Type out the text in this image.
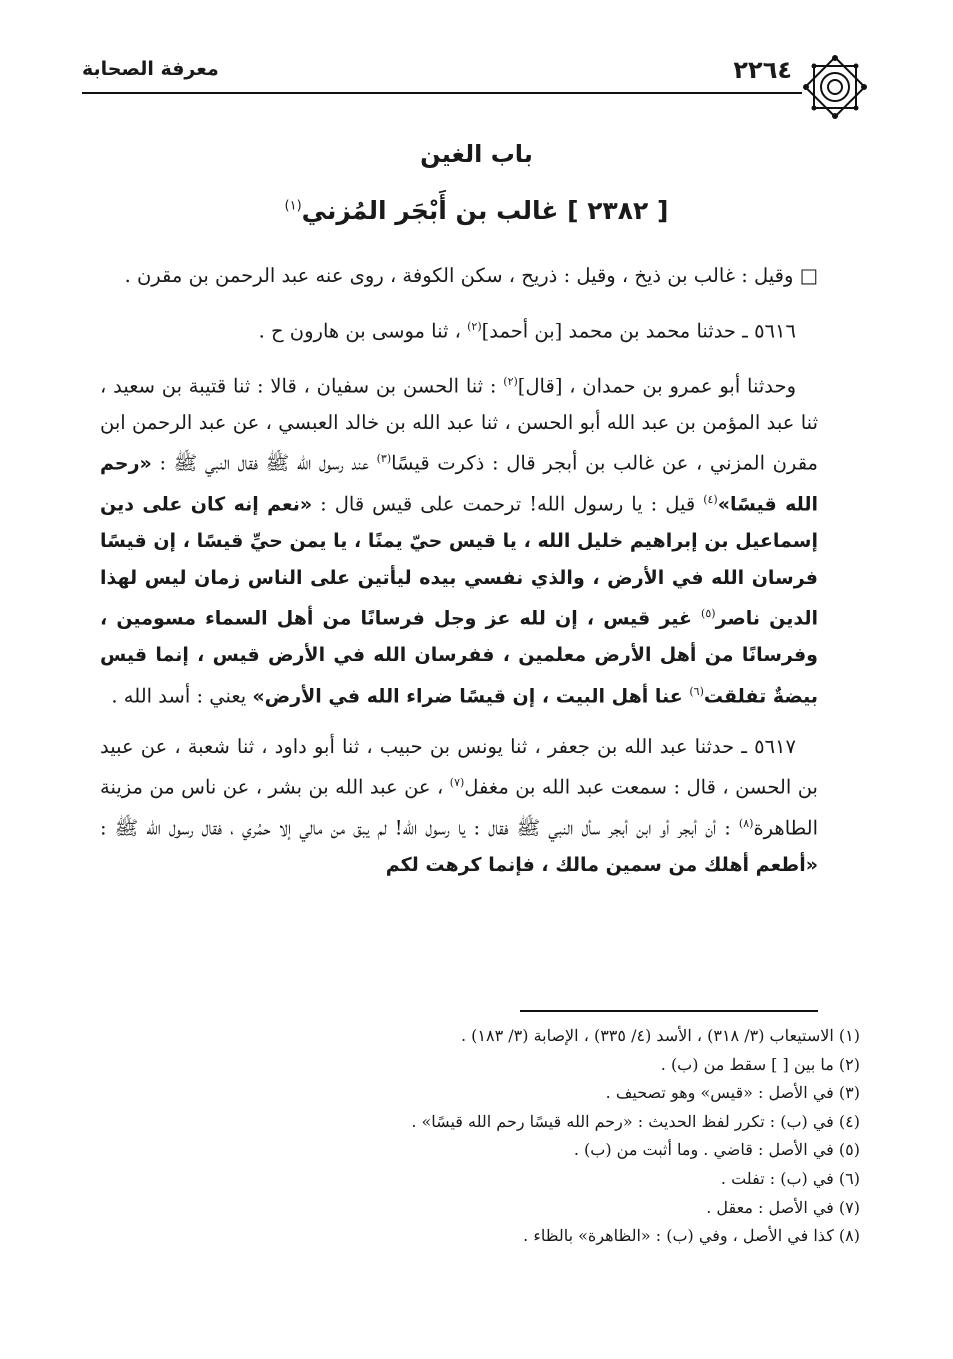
٢٢٦٤
معرفة الصحابة
باب الغين
[ ٢٣٨٢ ] غالب بن أَبْجَر المُزني$^{(١)}$

□ وقيل : غالب بن ذيخ ، وقيل : ذريح ، سكن الكوفة ، روى عنه عبد الرحمن بن مقرن .

٥٦١٦ ـ حدثنا محمد بن محمد [بن أحمد]$^{(٢)}$ ، ثنا موسى بن هارون ح .

وحدثنا أبو عمرو بن حمدان ، [قال]$^{(٢)}$ : ثنا الحسن بن سفيان ، قالا : ثنا قتيبة بن سعيد ، ثنا عبد المؤمن بن عبد الله أبو الحسن ، ثنا عبد الله بن خالد العبسي ، عن عبد الرحمن ابن مقرن المزني ، عن غالب بن أبجر قال : ذكرت قيسًا$^{(٣)}$ عند رسول الله ﷺ فقال النبي ﷺ : «رحم الله قيسًا»$^{(٤)}$ قيل : يا رسول الله! ترحمت على قيس قال : «نعم إنه كان على دين إسماعيل بن إبراهيم خليل الله ، يا قيس حيّ يمنًا ، يا يمن حيِّ قيسًا ، إن قيسًا فرسان الله في الأرض ، والذي نفسي بيده ليأتين على الناس زمان ليس لهذا الدين ناصر$^{(٥)}$ غير قيس ، إن لله عز وجل فرسانًا من أهل السماء مسومين ، وفرسانًا من أهل الأرض معلمين ، ففرسان الله في الأرض قيس ، إنما قيس بيضةٌ تفلقت$^{(٦)}$ عنا أهل البيت ، إن قيسًا ضراء الله في الأرض» يعني : أسد الله .

٥٦١٧ ـ حدثنا عبد الله بن جعفر ، ثنا يونس بن حبيب ، ثنا أبو داود ، ثنا شعبة ، عن عبيد بن الحسن ، قال : سمعت عبد الله بن مغفل$^{(٧)}$ ، عن عبد الله بن بشر ، عن ناس من مزينة الطاهرة$^{(٨)}$ : أن أبجر أو ابن أبجر سأل النبي ﷺ فقال : يا رسول الله! لم يبق من مالي إلا حمُري ، فقال رسول الله ﷺ : «أطعم أهلك من سمين مالك ، فإنما كرهت لكم

(١) الاستيعاب (٣/ ٣١٨) ، الأسد (٤/ ٣٣٥) ، الإصابة (٣/ ١٨٣) .

(٢) ما بين [ ] سقط من (ب) .

(٣) في الأصل : «قيس» وهو تصحيف .

(٤) في (ب) : تكرر لفظ الحديث : «رحم الله قيسًا رحم الله قيسًا» .

(٥) في الأصل : قاضي . وما أثبت من (ب) .

(٦) في (ب) : تفلت .

(٧) في الأصل : معقل .

(٨) كذا في الأصل ، وفي (ب) : «الظاهرة» بالظاء .
